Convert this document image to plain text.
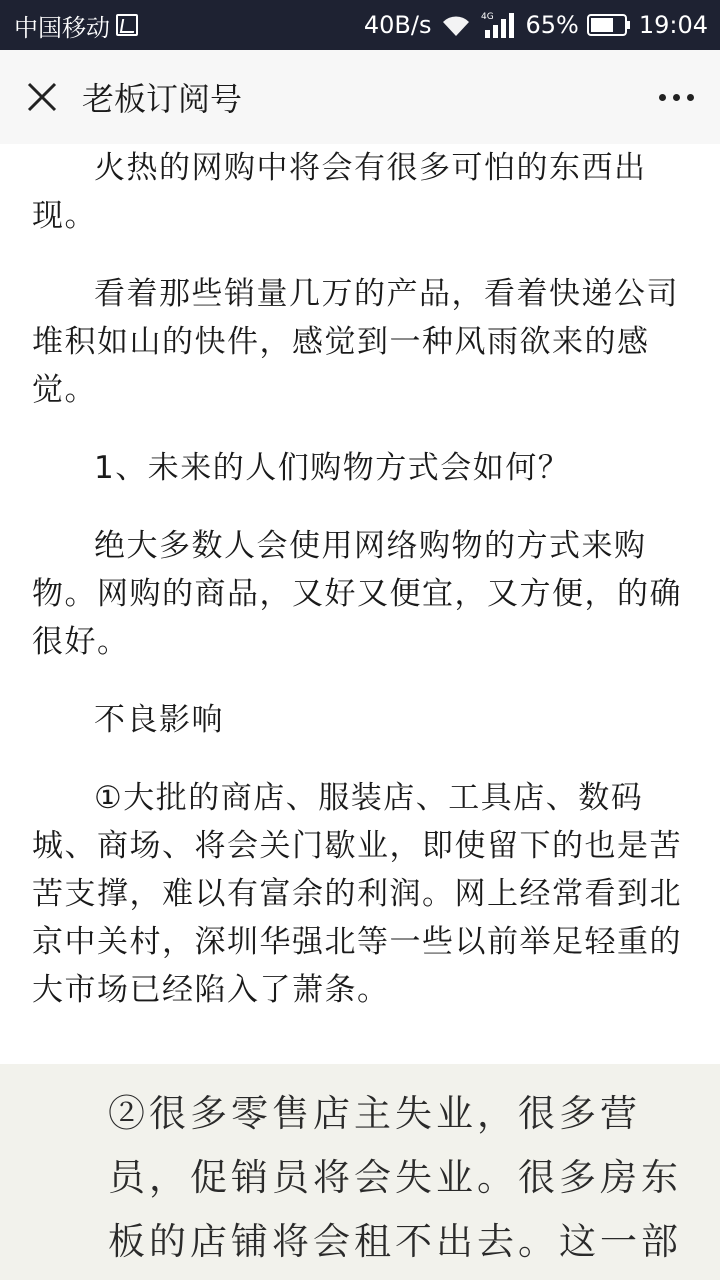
中国移动	40B/s	4G 65%	19:04
老板订阅号

火热的网购中将会有很多可怕的东西出现。

看着那些销量几万的产品，看着快递公司堆积如山的快件，感觉到一种风雨欲来的感觉。

1、未来的人们购物方式会如何？

绝大多数人会使用网络购物的方式来购物。网购的商品，又好又便宜，又方便，的确很好。

不良影响

①大批的商店、服装店、工具店、数码城、商场、将会关门歇业，即使留下的也是苦苦支撑，难以有富余的利润。网上经常看到北京中关村，深圳华强北等一些以前举足轻重的大市场已经陷入了萧条。

②很多零售店主失业，很多营员，促销员将会失业。很多房东板的店铺将会租不出去。这一部
